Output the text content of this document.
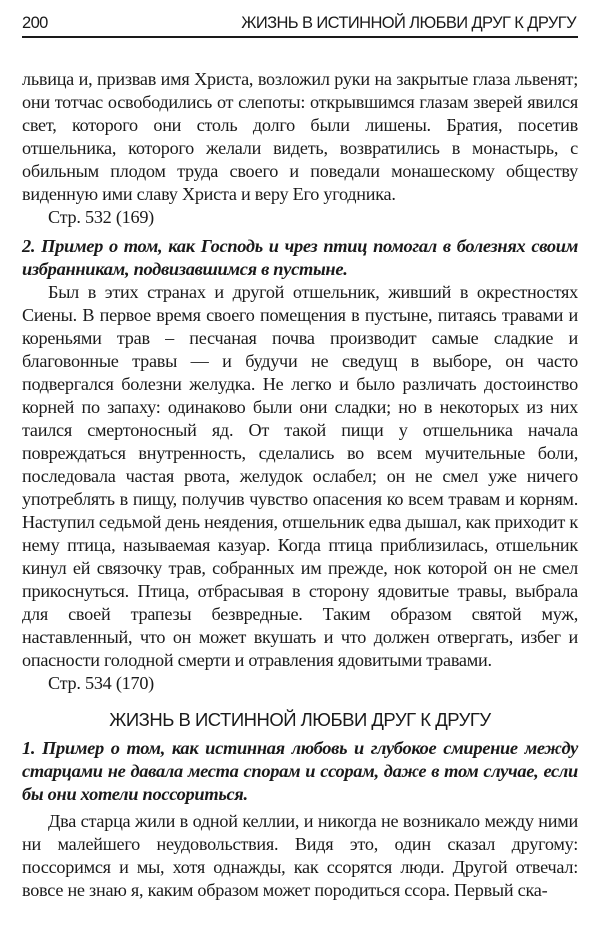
200	ЖИЗНЬ В ИСТИННОЙ ЛЮБВИ ДРУГ К ДРУГУ

львица и, призвав имя Христа, возложил руки на закрытые глаза львенят; они тотчас освободились от слепоты: открывшимся глазам зверей явился свет, которого они столь долго были лишены. Братия, посетив отшельника, которого желали видеть, возвратились в монастырь, с обильным плодом труда своего и поведали монашескому обществу виденную ими славу Христа и веру Его угодника.

Стр. 532 (169)

2. Пример о том, как Господь и чрез птиц помогал в болезнях своим избранникам, подвизавшимся в пустыне.

Был в этих странах и другой отшельник, живший в окрестностях Сиены. В первое время своего помещения в пустыне, питаясь травами и кореньями трав – песчаная почва производит самые сладкие и благовонные травы — и будучи не сведущ в выборе, он часто подвергался болезни желудка. Не легко и было различать достоинство корней по запаху: одинаково были они сладки; но в некоторых из них таился смертоносный яд. От такой пищи у отшельника начала повреждаться внутренность, сделались во всем мучительные боли, последовала частая рвота, желудок ослабел; он не смел уже ничего употреблять в пищу, получив чувство опасения ко всем травам и корням. Наступил седьмой день неядения, отшельник едва дышал, как приходит к нему птица, называемая казуар. Когда птица приблизилась, отшельник кинул ей связочку трав, собранных им прежде, нок которой он не смел прикоснуться. Птица, отбрасывая в сторону ядовитые травы, выбрала для своей трапезы безвредные. Таким образом святой муж, наставленный, что он может вкушать и что должен отвергать, избег и опасности голодной смерти и отравления ядовитыми травами.

Стр. 534 (170)

ЖИЗНЬ В ИСТИННОЙ ЛЮБВИ ДРУГ К ДРУГУ

1. Пример о том, как истинная любовь и глубокое смирение между старцами не давала места спорам и ссорам, даже в том случае, если бы они хотели поссориться.

Два старца жили в одной келлии, и никогда не возникало между ними ни малейшего неудовольствия. Видя это, один сказал другому: поссоримся и мы, хотя однажды, как ссорятся люди. Другой отвечал: вовсе не знаю я, каким образом может породиться ссора. Первый ска-
